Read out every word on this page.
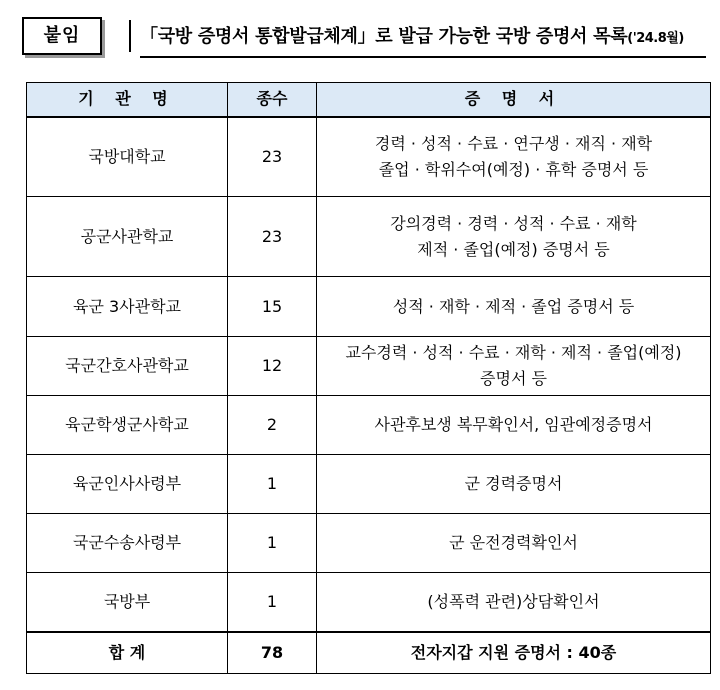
붙임	「국방 증명서 통합발급체계」로 발급 가능한 국방 증명서 목록('24.8월)
기 관 명	종수	증 명 서
국방대학교	23	경력 · 성적 · 수료 · 연구생 · 재직 · 재학
졸업 · 학위수여(예정) · 휴학 증명서 등

공군사관학교	23	강의경력 · 경력 · 성적 · 수료 · 재학
제적 · 졸업(예정) 증명서 등

육군 3사관학교	15	성적 · 재학 · 제적 · 졸업 증명서 등

국군간호사관학교	12	교수경력 · 성적 · 수료 · 재학 · 제적 · 졸업(예정)
증명서 등

육군학생군사학교	2	사관후보생 복무확인서, 임관예정증명서

육군인사사령부	1	군 경력증명서

국군수송사령부	1	군 운전경력확인서

국방부	1	(성폭력 관련)상담확인서

합 계	78	전자지갑 지원 증명서 : 40종
